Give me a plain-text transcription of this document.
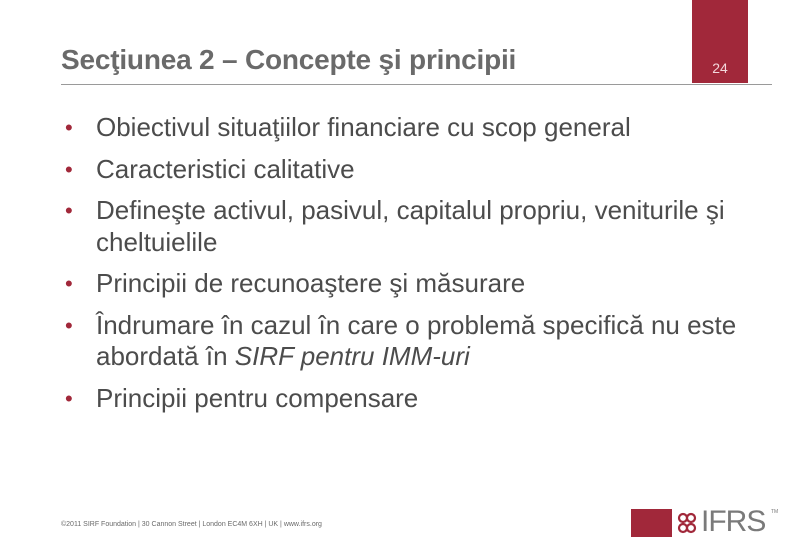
Secţiunea 2 – Concepte şi principii	24
• Obiectivul situaţiilor financiare cu scop general
• Caracteristici calitative
• Defineşte activul, pasivul, capitalul propriu, veniturile şi cheltuielile
• Principii de recunoaştere şi măsurare
• Îndrumare în cazul în care o problemă specifică nu este abordată în SIRF pentru IMM-uri
• Principii pentru compensare
©2011 SIRF Foundation | 30 Cannon Street | London EC4M 6XH | UK | www.ifrs.org	IFRS TM
